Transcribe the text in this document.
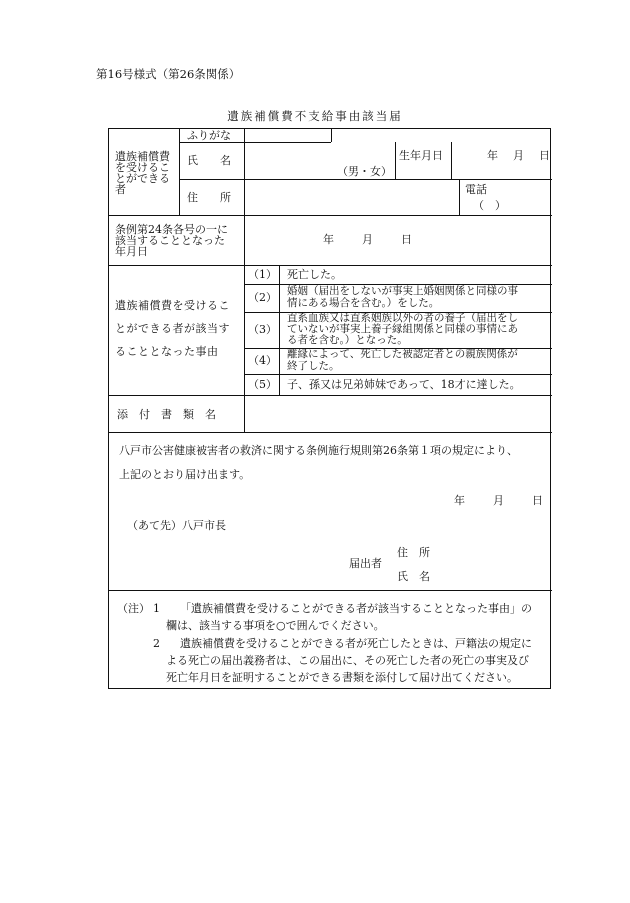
第16号様式（第26条関係）
遺族補償費不支給事由該当届
遺族補償費
を受けるこ
とができる
者
ふりがな
氏　　名
（男・女）
生年月日	年　月　日
住　　所
電話
（　）
条例第24条各号の一に
該当することとなった
年月日
年　　月　　日
遺族補償費を受けるこ
とができる者が該当す
ることとなった事由
（1） 死亡した。
（2） 婚姻（届出をしないが事実上婚姻関係と同様の事
情にある場合を含む。）をした。
（3）
直系血族又は直系姻族以外の者の養子（届出をし
ていないが事実上養子縁組関係と同様の事情にあ
る者を含む。）となった。
（4） 離縁によって、死亡した被認定者との親族関係が
終了した。
（5） 子、孫又は兄弟姉妹であって、18才に達した。
添　付　書　類　名
八戸市公害健康被害者の救済に関する条例施行規則第26条第１項の規定により、
上記のとおり届け出ます。
年　　月　　日
（あて先）八戸市長
届出者
住　所
氏　名
（注） 1 「遺族補償費を受けることができる者が該当することとなった事由」の
欄は、該当する事項を○で囲んでください。
2 遺族補償費を受けることができる者が死亡したときは、戸籍法の規定に
よる死亡の届出義務者は、この届出に、その死亡した者の死亡の事実及び
死亡年月日を証明することができる書類を添付して届け出てください。
